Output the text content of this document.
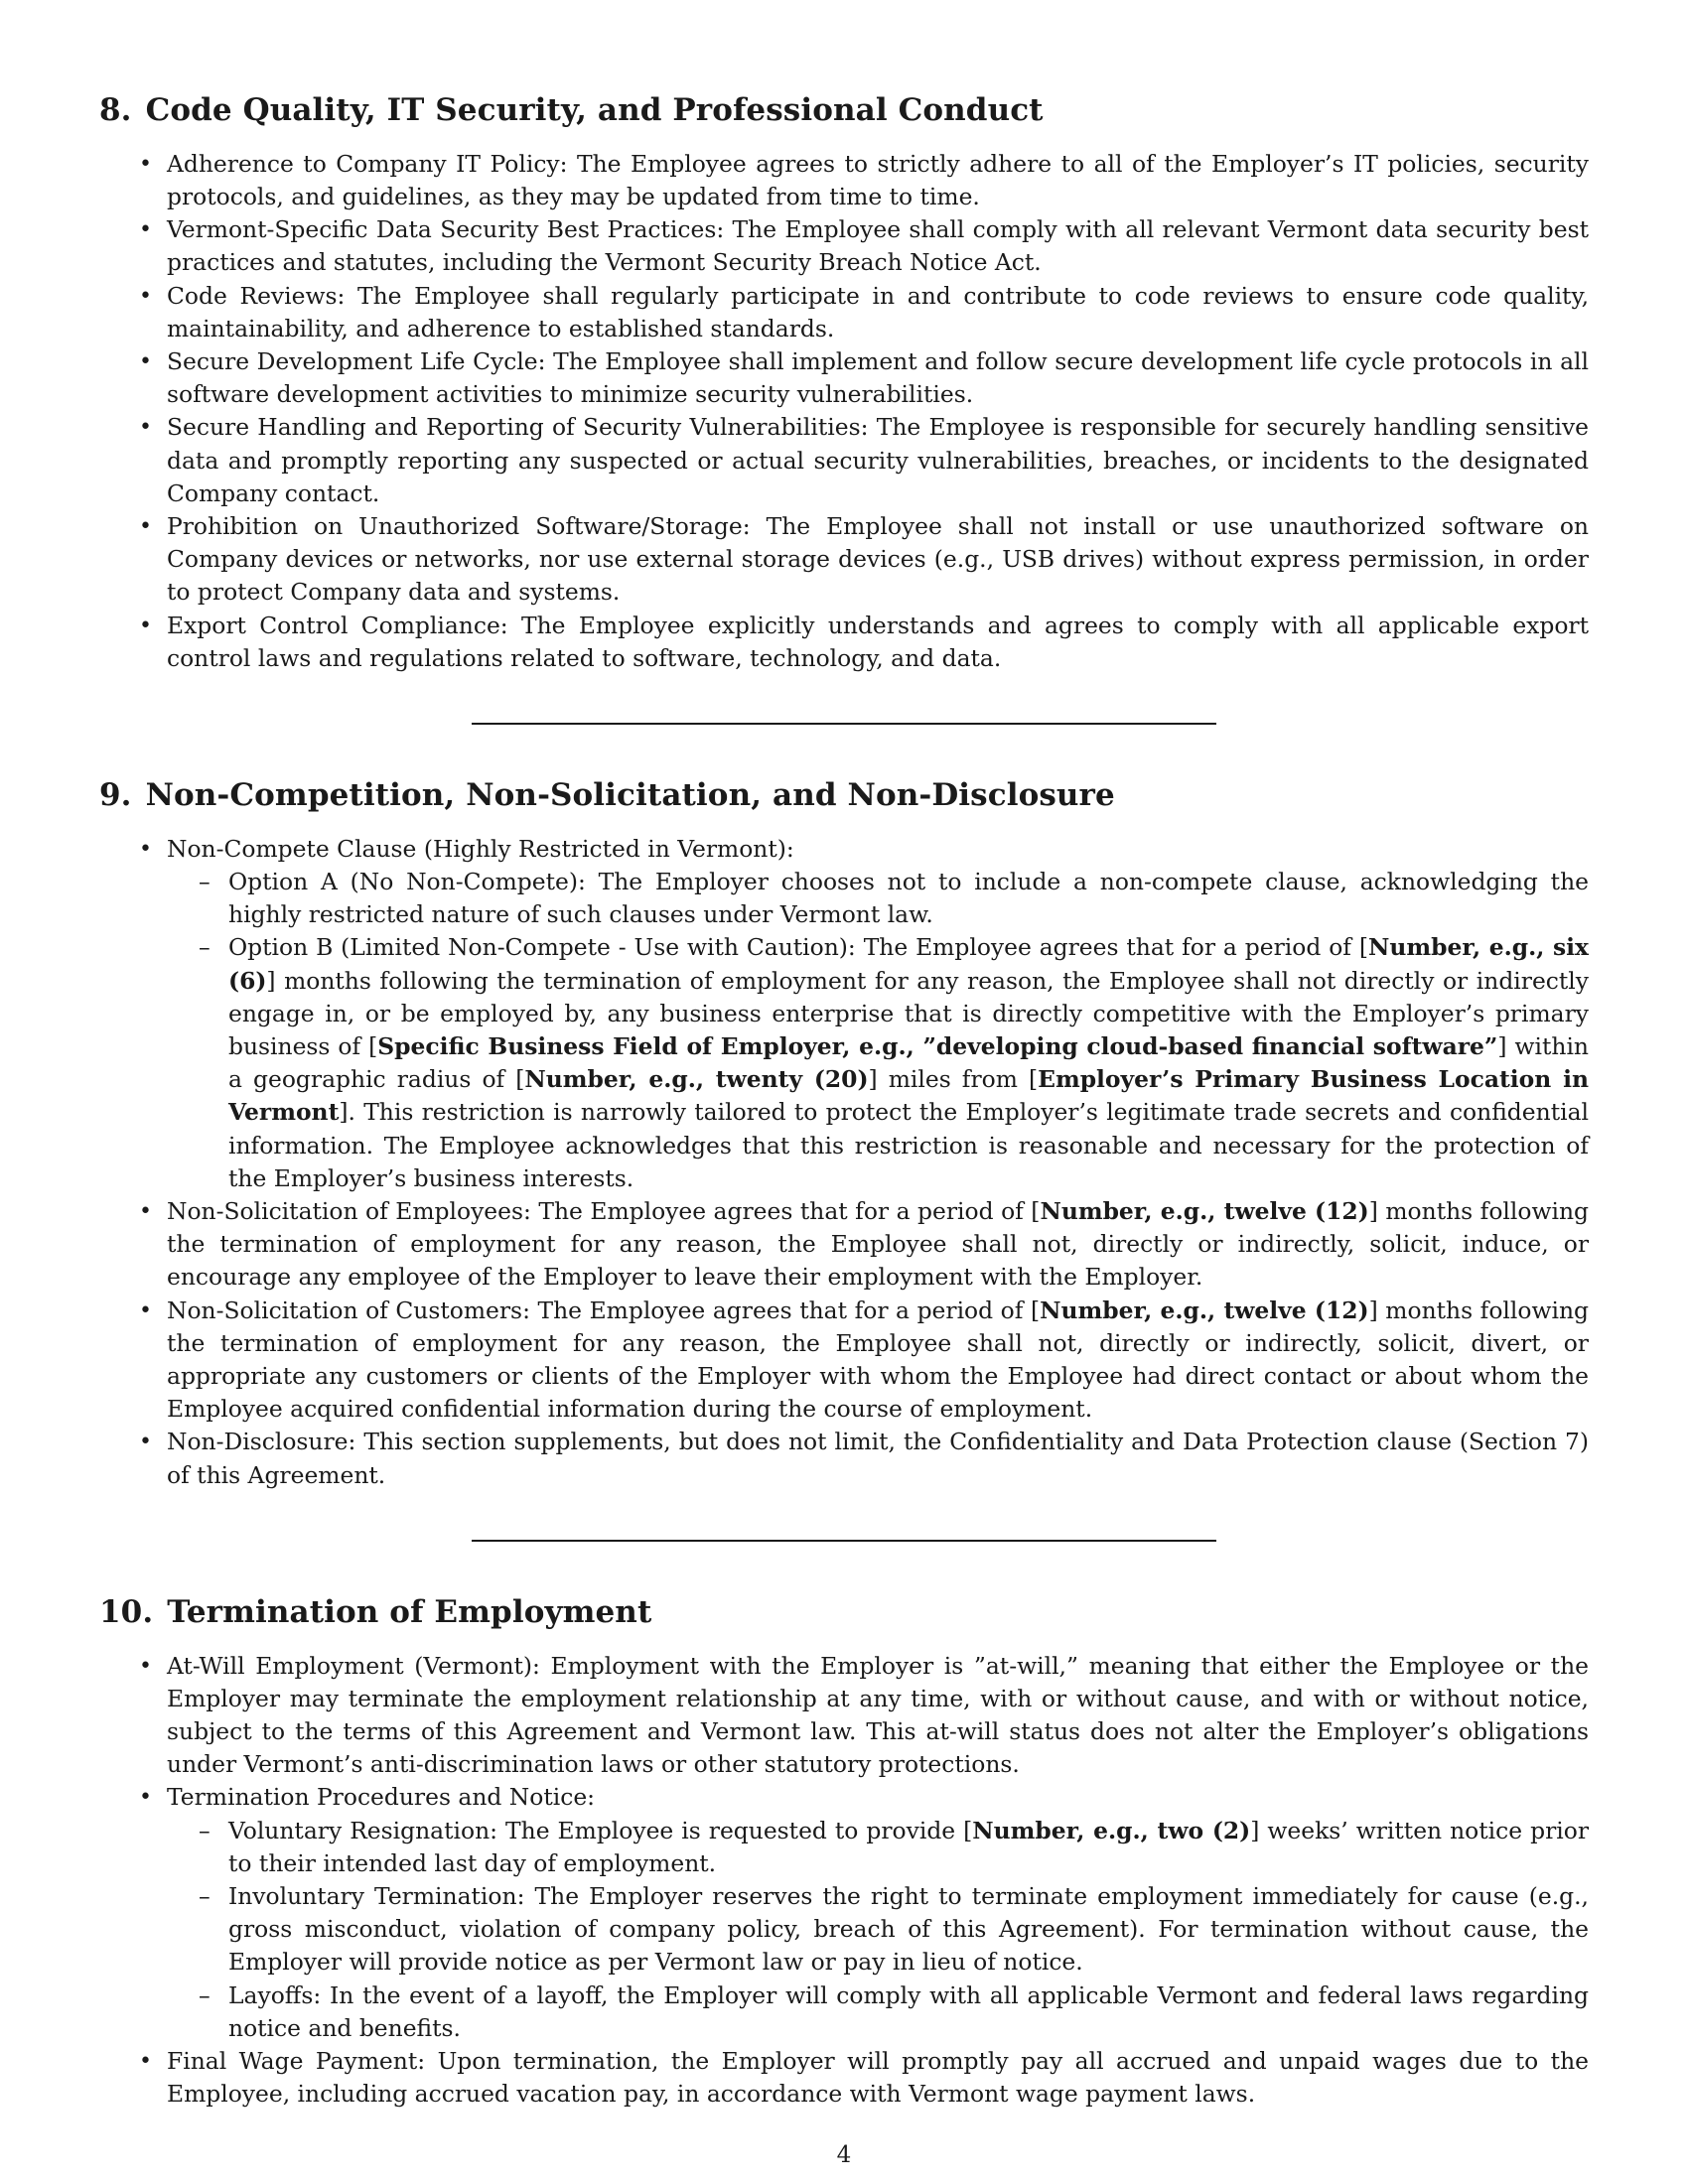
8. Code Quality, IT Security, and Professional Conduct
• Adherence to Company IT Policy: The Employee agrees to strictly adhere to all of the Employer’s IT policies, security protocols, and guidelines, as they may be updated from time to time.
• Vermont-Specific Data Security Best Practices: The Employee shall comply with all relevant Vermont data security best practices and statutes, including the Vermont Security Breach Notice Act.
• Code Reviews: The Employee shall regularly participate in and contribute to code reviews to ensure code quality, maintainability, and adherence to established standards.
• Secure Development Life Cycle: The Employee shall implement and follow secure development life cycle protocols in all software development activities to minimize security vulnerabilities.
• Secure Handling and Reporting of Security Vulnerabilities: The Employee is responsible for securely handling sensitive data and promptly reporting any suspected or actual security vulnerabilities, breaches, or incidents to the designated Company contact.
• Prohibition on Unauthorized Software/Storage: The Employee shall not install or use unauthorized software on Company devices or networks, nor use external storage devices (e.g., USB drives) without express permission, in order to protect Company data and systems.
• Export Control Compliance: The Employee explicitly understands and agrees to comply with all applicable export control laws and regulations related to software, technology, and data.
9. Non-Competition, Non-Solicitation, and Non-Disclosure
• Non-Compete Clause (Highly Restricted in Vermont):
– Option A (No Non-Compete): The Employer chooses not to include a non-compete clause, acknowledging the highly restricted nature of such clauses under Vermont law.
– Option B (Limited Non-Compete - Use with Caution): The Employee agrees that for a period of [Number, e.g., six (6)] months following the termination of employment for any reason, the Employee shall not directly or indirectly engage in, or be employed by, any business enterprise that is directly competitive with the Employer’s primary business of [Specific Business Field of Employer, e.g., ”developing cloud-based financial software”] within a geographic radius of [Number, e.g., twenty (20)] miles from [Employer’s Primary Business Location in Vermont]. This restriction is narrowly tailored to protect the Employer’s legitimate trade secrets and confidential information. The Employee acknowledges that this restriction is reasonable and necessary for the protection of the Employer’s business interests.
• Non-Solicitation of Employees: The Employee agrees that for a period of [Number, e.g., twelve (12)] months following the termination of employment for any reason, the Employee shall not, directly or indirectly, solicit, induce, or encourage any employee of the Employer to leave their employment with the Employer.
• Non-Solicitation of Customers: The Employee agrees that for a period of [Number, e.g., twelve (12)] months following the termination of employment for any reason, the Employee shall not, directly or indirectly, solicit, divert, or appropriate any customers or clients of the Employer with whom the Employee had direct contact or about whom the Employee acquired confidential information during the course of employment.
• Non-Disclosure: This section supplements, but does not limit, the Confidentiality and Data Protection clause (Section 7) of this Agreement.
10. Termination of Employment
• At-Will Employment (Vermont): Employment with the Employer is ”at-will,” meaning that either the Employee or the Employer may terminate the employment relationship at any time, with or without cause, and with or without notice, subject to the terms of this Agreement and Vermont law. This at-will status does not alter the Employer’s obligations under Vermont’s anti-discrimination laws or other statutory protections.
• Termination Procedures and Notice:
– Voluntary Resignation: The Employee is requested to provide [Number, e.g., two (2)] weeks’ written notice prior to their intended last day of employment.
– Involuntary Termination: The Employer reserves the right to terminate employment immediately for cause (e.g., gross misconduct, violation of company policy, breach of this Agreement). For termination without cause, the Employer will provide notice as per Vermont law or pay in lieu of notice.
– Layoffs: In the event of a layoff, the Employer will comply with all applicable Vermont and federal laws regarding notice and benefits.
• Final Wage Payment: Upon termination, the Employer will promptly pay all accrued and unpaid wages due to the Employee, including accrued vacation pay, in accordance with Vermont wage payment laws.
4
